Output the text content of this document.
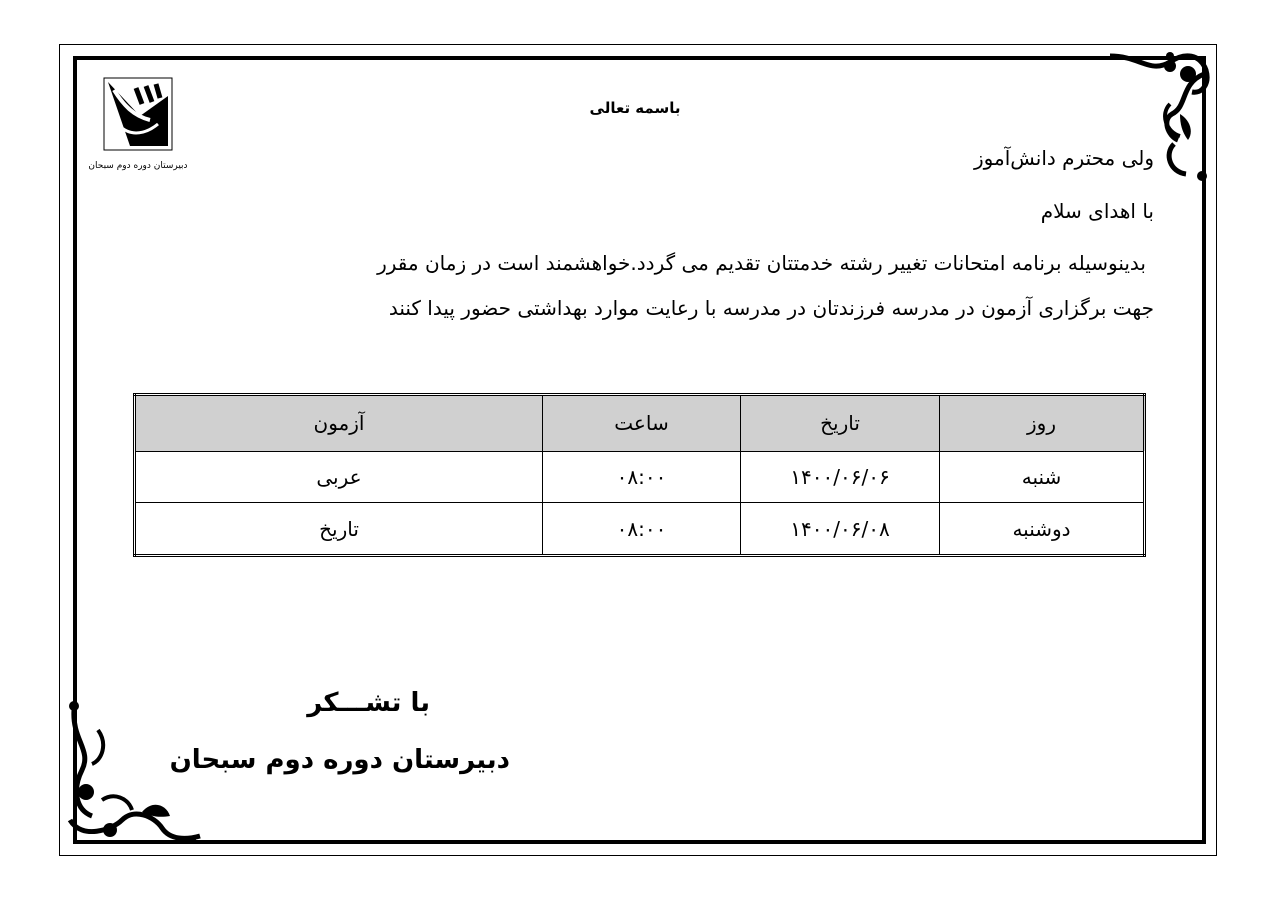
دبیرستان دوره دوم سبحان
باسمه تعالی
ولی محترم دانش‌آموز
با اهدای سلام
بدینوسیله برنامه امتحانات تغییر رشته خدمتتان تقدیم می گردد.خواهشمند است در زمان مقرر
جهت برگزاری آزمون در مدرسه فرزندتان در مدرسه با رعایت موارد بهداشتی حضور پیدا کنند
روز	تاریخ	ساعت	آزمون
شنبه	۱۴۰۰/۰۶/۰۶	۰۸:۰۰	عربی
دوشنبه	۱۴۰۰/۰۶/۰۸	۰۸:۰۰	تاریخ
با تشـــکر
دبیرستان دوره دوم سبحان
